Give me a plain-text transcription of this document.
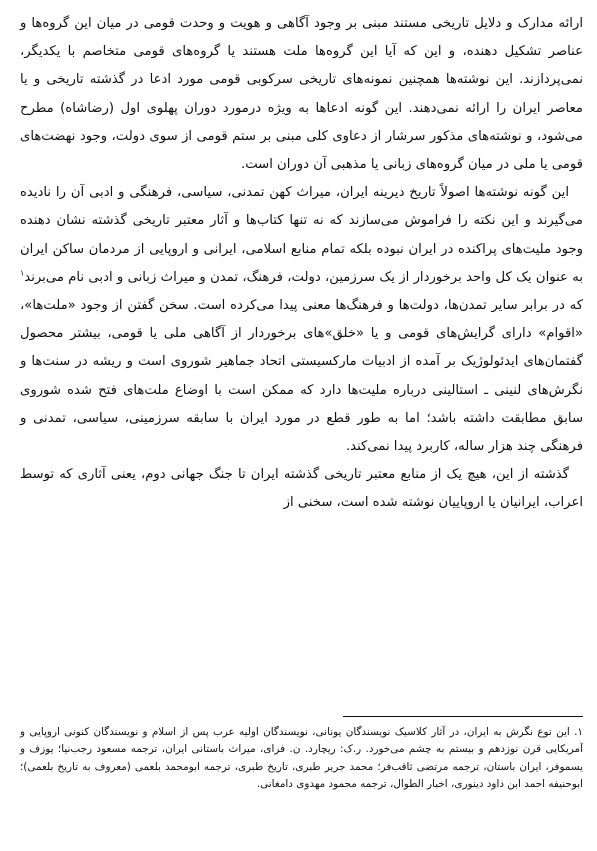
ارائه مدارک و دلایل تاریخی مستند مبنی بر وجود آگاهی و هویت و وحدت قومی در میان این گروه‌ها و عناصر تشکیل دهنده، و این که آیا این گروه‌ها ملت هستند یا گروه‌های قومی متخاصم با یکدیگر، نمی‌پردازند. این نوشته‌ها همچنین نمونه‌های تاریخی سرکوبی قومی مورد ادعا در گذشته تاریخی و یا معاصر ایران را ارائه نمی‌دهند. این گونه ادعاها به ویژه درمورد دوران پهلوی اول (رضاشاه) مطرح می‌شود، و نوشته‌های مذکور سرشار از دعاوی کلی مبنی بر ستم قومی از سوی دولت، وجود نهضت‌های قومی یا ملی در میان گروه‌های زبانی یا مذهبی آن دوران است.

این گونه نوشته‌ها اصولاً تاریخ دیرینه ایران، میراث کهن تمدنی، سیاسی، فرهنگی و ادبی آن را نادیده می‌گیرند و این نکته را فراموش می‌سازند که نه تنها کتاب‌ها و آثار معتبر تاریخی گذشته نشان دهنده وجود ملیت‌های پراکنده در ایران نبوده بلکه تمام منابع اسلامی، ایرانی و اروپایی از مردمان ساکن ایران به عنوان یک کل واحد برخوردار از یک سرزمین، دولت، فرهنگ، تمدن و میراث زبانی و ادبی نام می‌برند$^۱$ که در برابر سایر تمدن‌ها، دولت‌ها و فرهنگ‌ها معنی پیدا می‌کرده است. سخن گفتن از وجود «ملت‌ها»، «اقوام» دارای گرایش‌های قومی و یا «خلق»های برخوردار از آگاهی ملی یا قومی، بیشتر محصول گفتمان‌های ایدئولوژیک بر آمده از ادبیات مارکسیستی اتحاد جماهیر شوروی است و ریشه در سنت‌ها و نگرش‌های لنینی ـ استالینی درباره ملیت‌ها دارد که ممکن است با اوضاع ملت‌های فتح شده شوروی سابق مطابقت داشته باشد؛ اما به طور قطع در مورد ایران با سابقه سرزمینی، سیاسی، تمدنی و فرهنگی چند هزار ساله، کاربرد پیدا نمی‌کند.

گذشته از این، هیچ یک از منابع معتبر تاریخی گذشته ایران تا جنگ جهانی دوم، یعنی آثاری که توسط اعراب، ایرانیان یا اروپاییان نوشته شده است، سخنی از

۱. این نوع نگرش به ایران، در آثار کلاسیک نویسندگان یونانی، نویسندگان اولیه عرب پس از اسلام و نویسندگان کنونی اروپایی و آمریکایی قرن نوزدهم و بیستم به چشم می‌خورد. ر.ک: ریچارد. ن. فرای، میراث باستانی ایران، ترجمه مسعود رجب‌نیا؛ یوزف و یسموفر، ایران باستان، ترجمه مرتضی ثاقب‌فر؛ محمد جریر طبری، تاریخ طبری، ترجمه ابومحمد بلعمی (معروف به تاریخ بلعمی)؛ ابوحنیفه احمد ابن داود دینوری، اخبار الطوال، ترجمه محمود مهدوی دامغانی.
